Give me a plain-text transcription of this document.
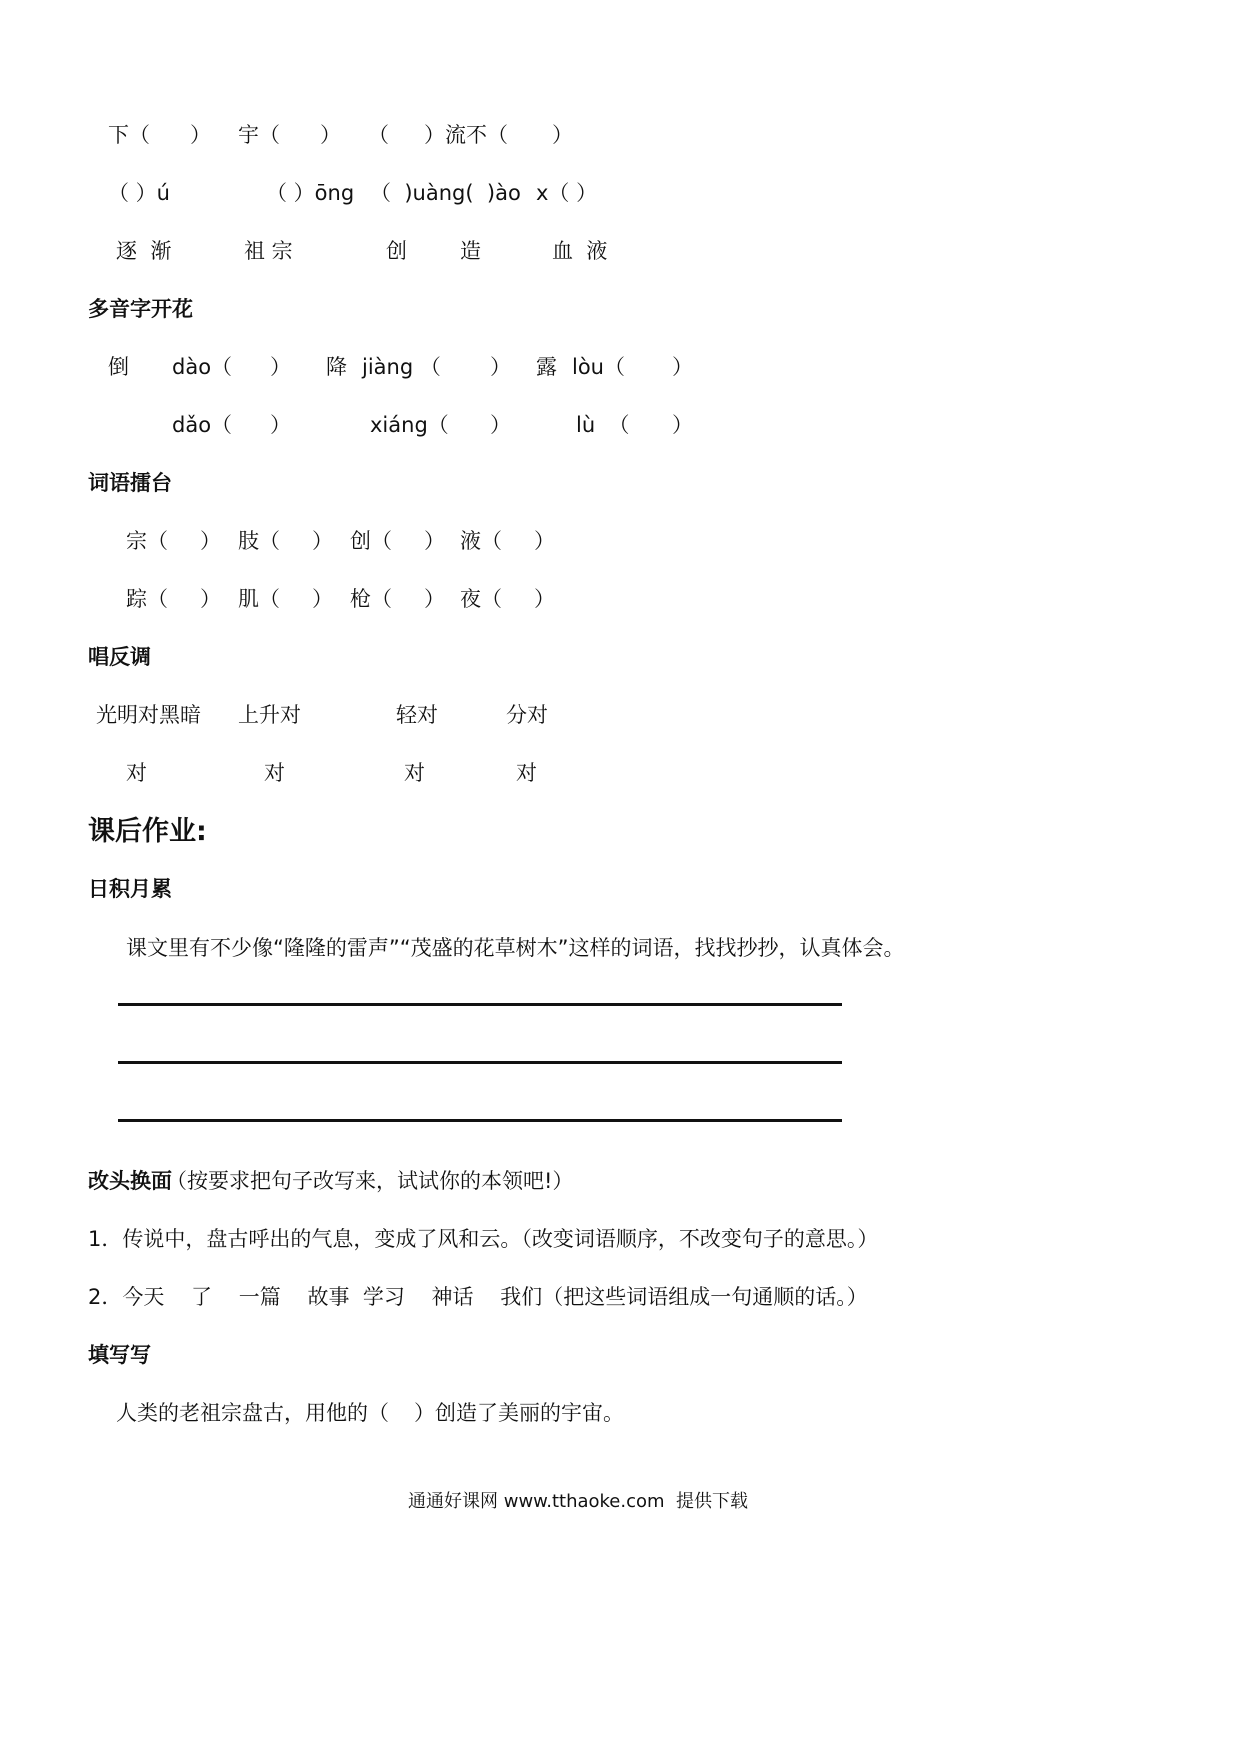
下（ ） 宇（ ） （ ）流不（ ）
（ ）ú	（ ）ōng （  )uàng(  )ào x（ ）
逐  渐	祖 宗	创	造	血  液
多音字开花
倒 dào（ ） 降 jiàng （ ） 露 lòu（ ）
dǎo（ ）	xiáng（ ）	lù  （ ）
词语擂台
宗（ ） 肢（ ） 创（ ） 液（ ）
踪（ ） 肌（ ） 枪（ ） 夜（ ）
唱反调
光明对黑暗 上升对	轻对	分对
对	对	对	对
课后作业:
日积月累
课文里有不少像“隆隆的雷声”“茂盛的花草树木”这样的词语，找找抄抄，认真体会。
改头换面
（按要求把句子改写来，试试你的本领吧!）
1．传说中，盘古呼出的气息，变成了风和云。（改变词语顺序，不改变句子的意思。）
2．今天    了    一篇    故事  学习    神话    我们（把这些词语组成一句通顺的话。）
填写写
人类的老祖宗盘古，用他的（ ）创造了美丽的宇宙。
通通好课网 www.tthaoke.com  提供下载
